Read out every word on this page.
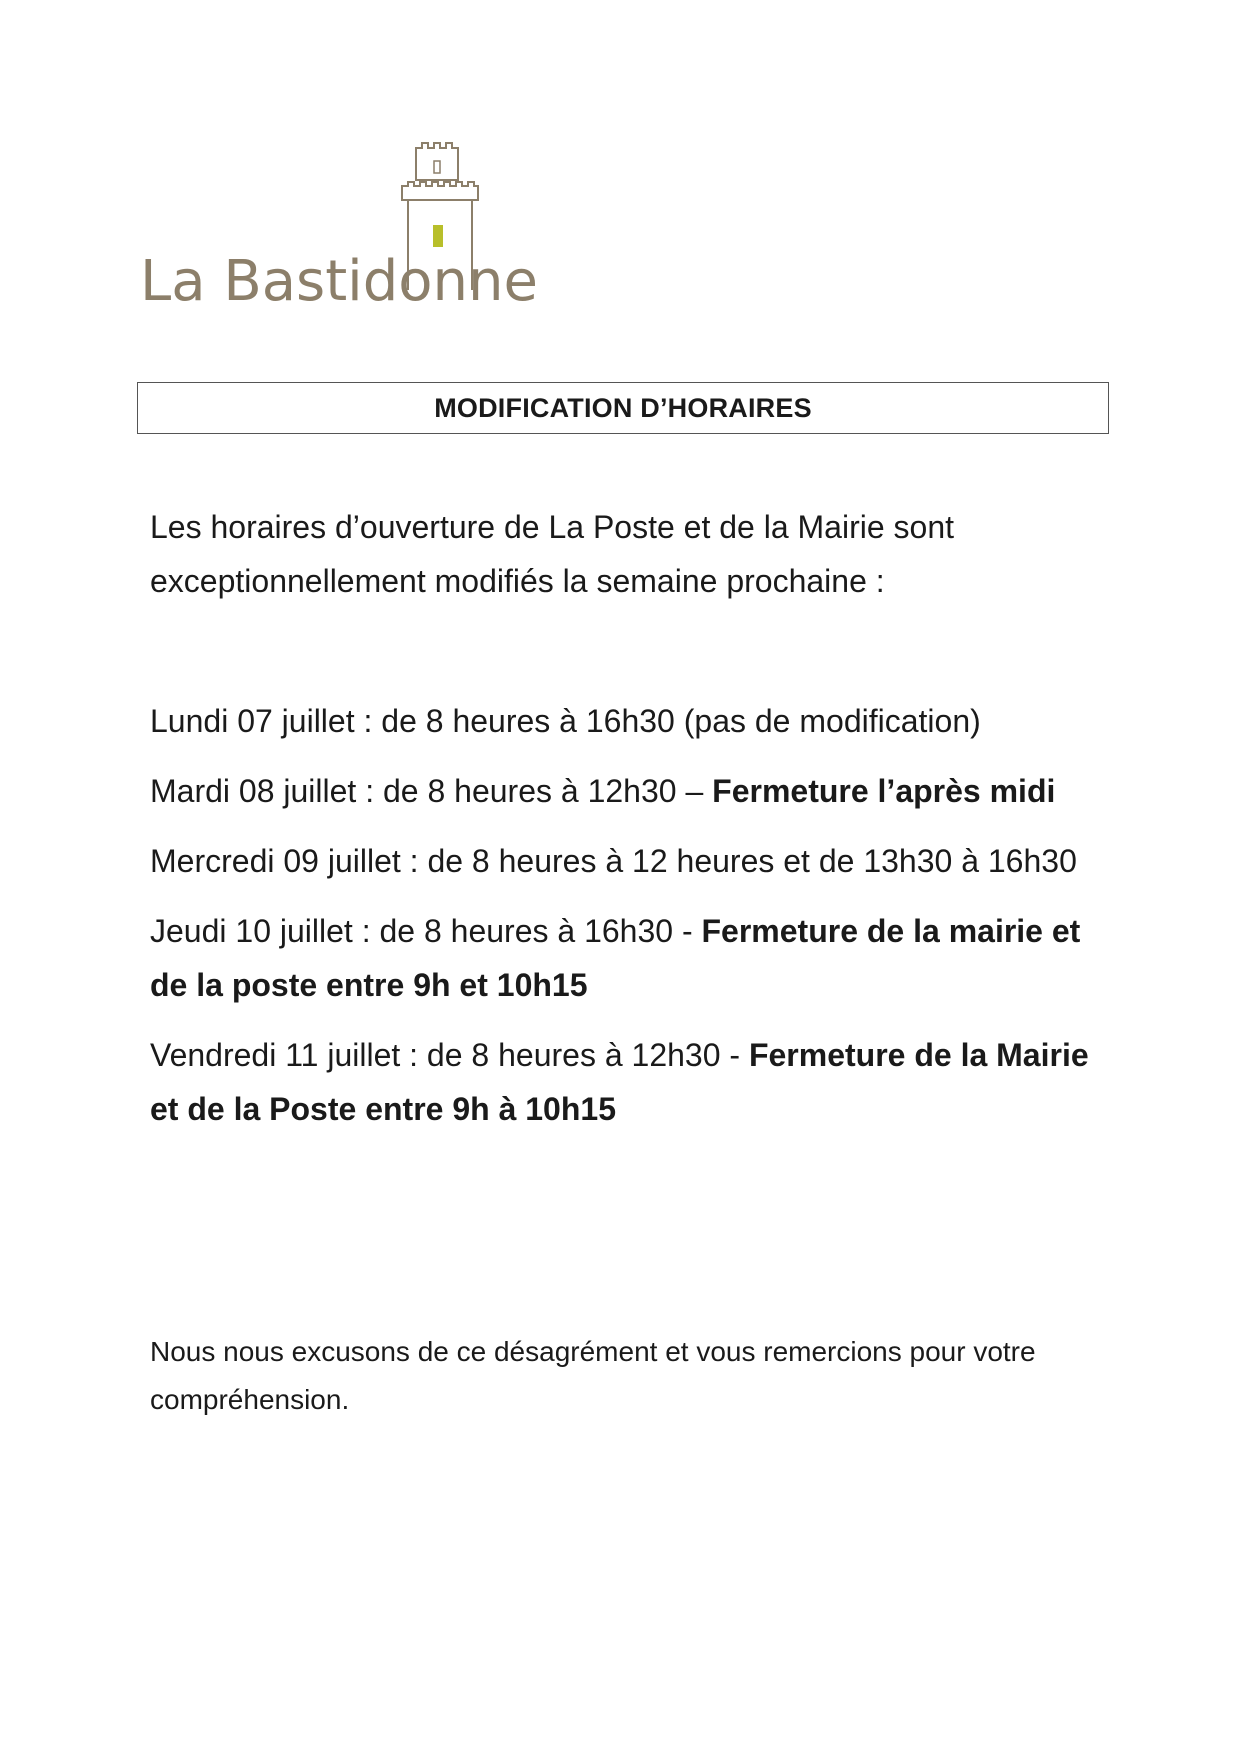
La Bastidonne
MODIFICATION D’HORAIRES

Les horaires d’ouverture de La Poste et de la Mairie sont exceptionnellement modifiés la semaine prochaine :

Lundi 07 juillet : de 8 heures à 16h30 (pas de modification)
Mardi 08 juillet : de 8 heures à 12h30 – Fermeture l’après midi
Mercredi 09 juillet : de 8 heures à 12 heures et de 13h30 à 16h30
Jeudi 10 juillet : de 8 heures à 16h30 - Fermeture de la mairie et de la poste entre 9h et 10h15
Vendredi 11 juillet : de 8 heures à 12h30 - Fermeture de la Mairie et de la Poste entre 9h à 10h15

Nous nous excusons de ce désagrément et vous remercions pour votre compréhension.
